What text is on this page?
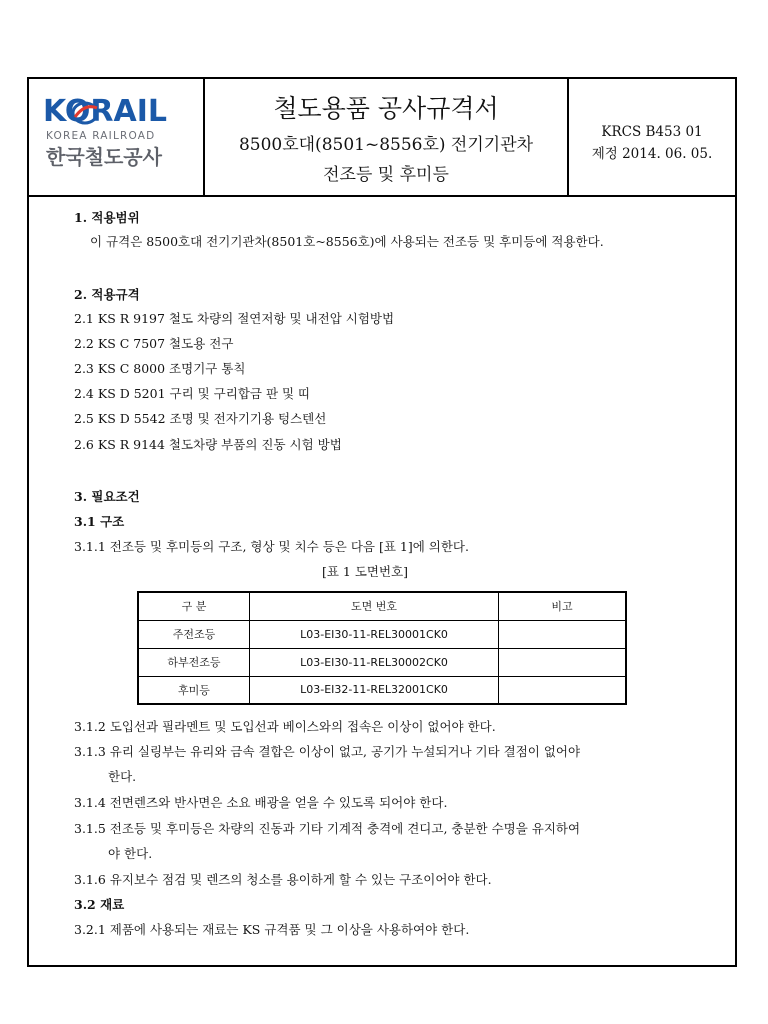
KORAIL
KOREA RAILROAD
한국철도공사
철도용품 공사규격서
8500호대(8501~8556호) 전기기관차
전조등 및 후미등
KRCS B453 01
제정 2014. 06. 05.
1. 적용범위
이 규격은 8500호대 전기기관차(8501호~8556호)에 사용되는 전조등 및 후미등에 적용한다.
2. 적용규격
2.1 KS R 9197 철도 차량의 절연저항 및 내전압 시험방법
2.2 KS C 7507 철도용 전구
2.3 KS C 8000 조명기구 통칙
2.4 KS D 5201 구리 및 구리합금 판 및 띠
2.5 KS D 5542 조명 및 전자기기용 텅스텐선
2.6 KS R 9144 철도차량 부품의 진동 시험 방법
3. 필요조건
3.1 구조
3.1.1 전조등 및 후미등의 구조, 형상 및 치수 등은 다음 [표 1]에 의한다.
[표 1 도면번호]
구 분	도면 번호	비고
주전조등	L03-EI30-11-REL30001CK0	
하부전조등	L03-EI30-11-REL30002CK0	
후미등	L03-EI32-11-REL32001CK0	
3.1.2 도입선과 필라멘트 및 도입선과 베이스와의 접속은 이상이 없어야 한다.
3.1.3 유리 실링부는 유리와 금속 결합은 이상이 없고, 공기가 누설되거나 기타 결점이 없어야
한다.
3.1.4 전면렌즈와 반사면은 소요 배광을 얻을 수 있도록 되어야 한다.
3.1.5 전조등 및 후미등은 차량의 진동과 기타 기계적 충격에 견디고, 충분한 수명을 유지하여
야 한다.
3.1.6 유지보수 점검 및 렌즈의 청소를 용이하게 할 수 있는 구조이어야 한다.
3.2 재료
3.2.1 제품에 사용되는 재료는 KS 규격품 및 그 이상을 사용하여야 한다.
